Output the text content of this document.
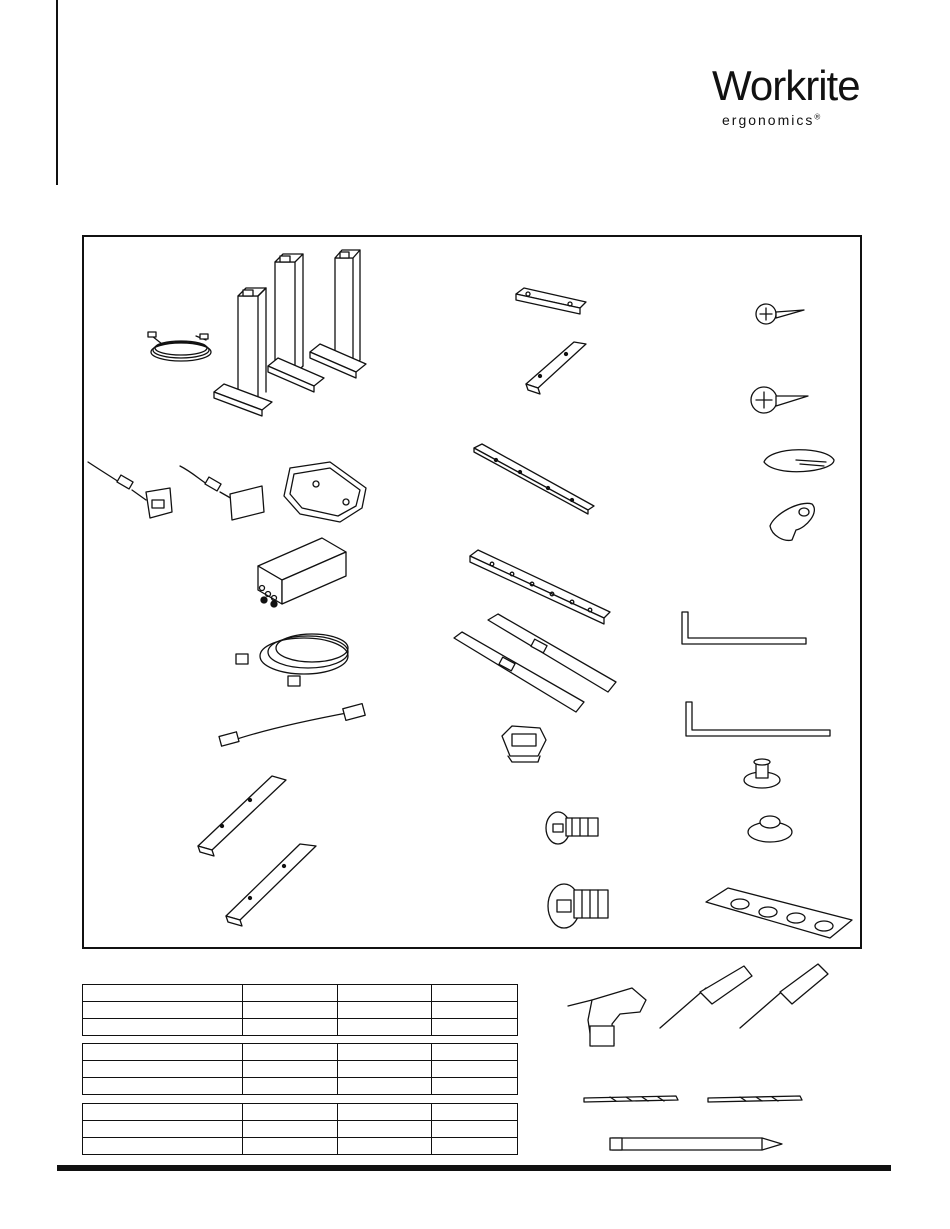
Workrite
ergonomics®
